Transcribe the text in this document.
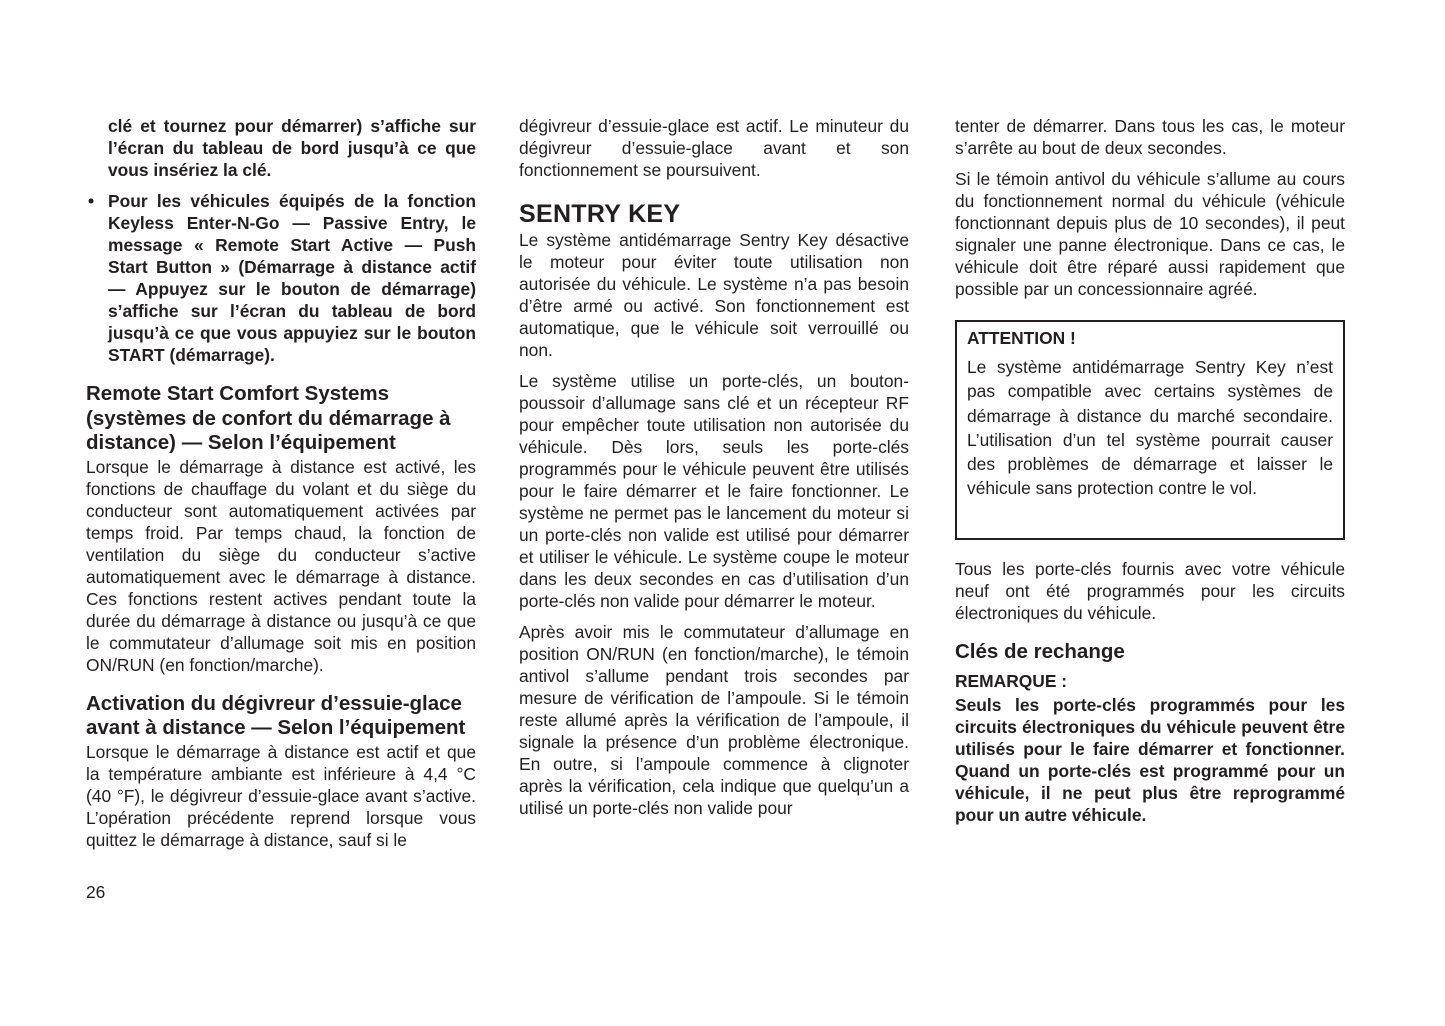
clé et tournez pour démarrer) s’affiche sur l’écran du tableau de bord jusqu’à ce que vous insériez la clé.

• Pour les véhicules équipés de la fonction Keyless Enter-N-Go — Passive Entry, le message « Remote Start Active — Push Start Button » (Démarrage à distance actif — Appuyez sur le bouton de démarrage) s’affiche sur l’écran du tableau de bord jusqu’à ce que vous appuyiez sur le bouton START (démarrage).

Remote Start Comfort Systems (systèmes de confort du démarrage à distance) — Selon l’équipement

Lorsque le démarrage à distance est activé, les fonctions de chauffage du volant et du siège du conducteur sont automatiquement activées par temps froid. Par temps chaud, la fonction de ventilation du siège du conducteur s’active automatiquement avec le démarrage à distance. Ces fonctions restent actives pendant toute la durée du démarrage à distance ou jusqu’à ce que le commutateur d’allumage soit mis en position ON/RUN (en fonction/marche).

Activation du dégivreur d’essuie-glace avant à distance — Selon l’équipement

Lorsque le démarrage à distance est actif et que la température ambiante est inférieure à 4,4 °C (40 °F), le dégivreur d’essuie-glace avant s’active. L’opération précédente reprend lorsque vous quittez le démarrage à distance, sauf si le

26

dégivreur d’essuie-glace est actif. Le minuteur du dégivreur d’essuie-glace avant et son fonctionnement se poursuivent.

SENTRY KEY

Le système antidémarrage Sentry Key désactive le moteur pour éviter toute utilisation non autorisée du véhicule. Le système n’a pas besoin d’être armé ou activé. Son fonctionnement est automatique, que le véhicule soit verrouillé ou non.

Le système utilise un porte-clés, un bouton-poussoir d’allumage sans clé et un récepteur RF pour empêcher toute utilisation non autorisée du véhicule. Dès lors, seuls les porte-clés programmés pour le véhicule peuvent être utilisés pour le faire démarrer et le faire fonctionner. Le système ne permet pas le lancement du moteur si un porte-clés non valide est utilisé pour démarrer et utiliser le véhicule. Le système coupe le moteur dans les deux secondes en cas d’utilisation d’un porte-clés non valide pour démarrer le moteur.

Après avoir mis le commutateur d’allumage en position ON/RUN (en fonction/marche), le témoin antivol s’allume pendant trois secondes par mesure de vérification de l’ampoule. Si le témoin reste allumé après la vérification de l’ampoule, il signale la présence d’un problème électronique. En outre, si l’ampoule commence à clignoter après la vérification, cela indique que quelqu’un a utilisé un porte-clés non valide pour

tenter de démarrer. Dans tous les cas, le moteur s’arrête au bout de deux secondes.

Si le témoin antivol du véhicule s’allume au cours du fonctionnement normal du véhicule (véhicule fonctionnant depuis plus de 10 secondes), il peut signaler une panne électronique. Dans ce cas, le véhicule doit être réparé aussi rapidement que possible par un concessionnaire agréé.

ATTENTION !

Le système antidémarrage Sentry Key n’est pas compatible avec certains systèmes de démarrage à distance du marché secondaire. L’utilisation d’un tel système pourrait causer des problèmes de démarrage et laisser le véhicule sans protection contre le vol.

Tous les porte-clés fournis avec votre véhicule neuf ont été programmés pour les circuits électroniques du véhicule.

Clés de rechange

REMARQUE :

Seuls les porte-clés programmés pour les circuits électroniques du véhicule peuvent être utilisés pour le faire démarrer et fonctionner. Quand un porte-clés est programmé pour un véhicule, il ne peut plus être reprogrammé pour un autre véhicule.
